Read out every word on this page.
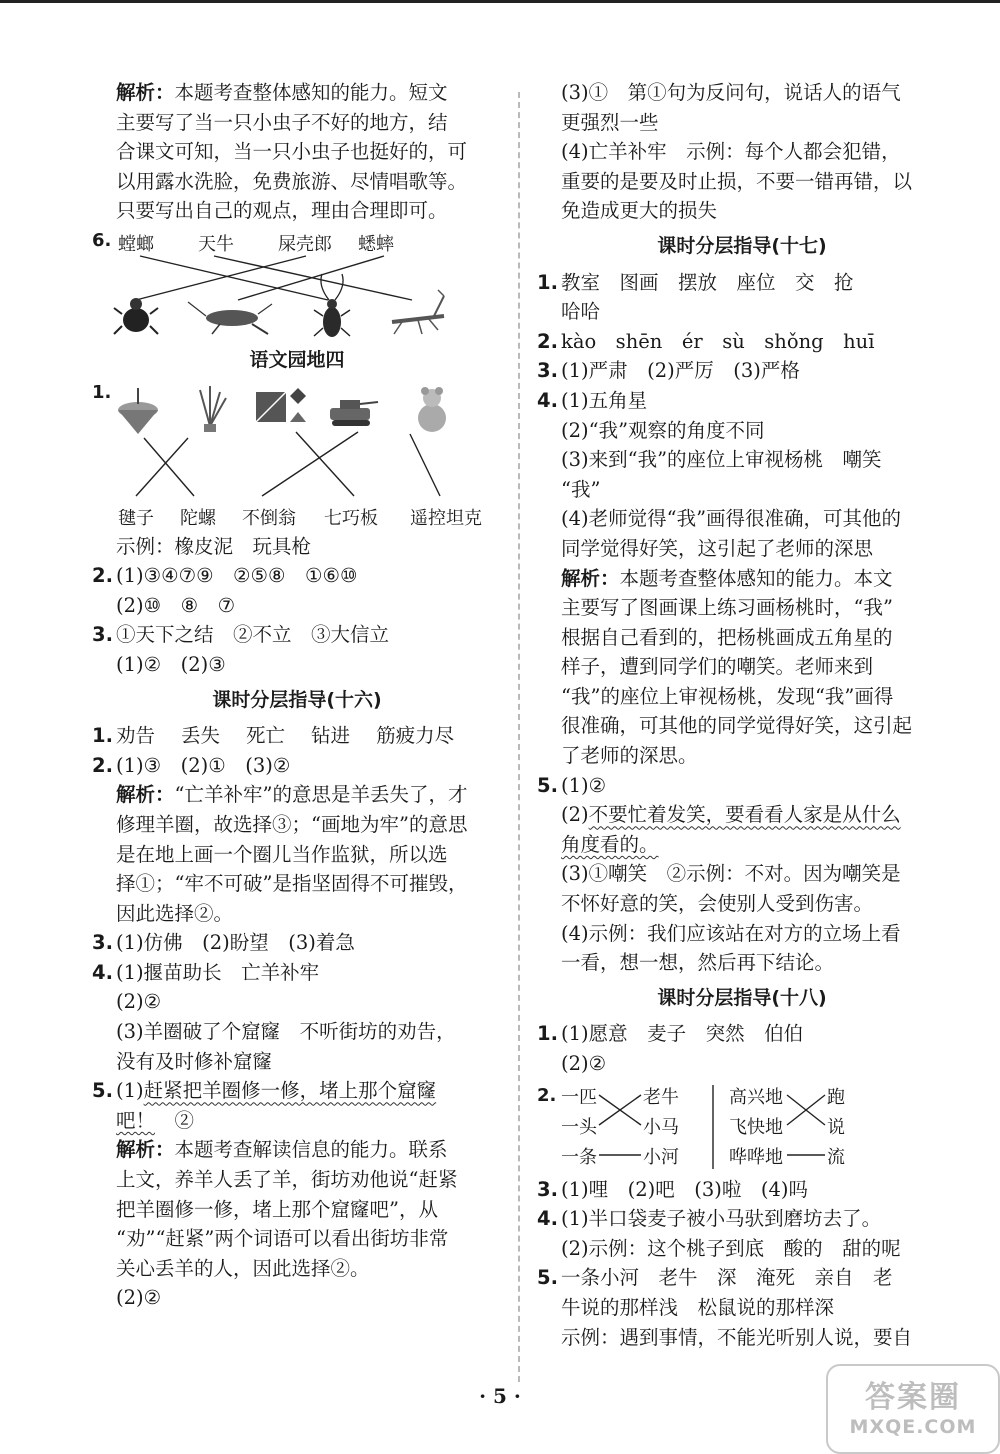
解析：本题考查整体感知的能力。短文

主要写了当一只小虫子不好的地方，结

合课文可知，当一只小虫子也挺好的，可

以用露水洗脸，免费旅游、尽情唱歌等。

只要写出自己的观点，理由合理即可。

6. 螳螂 天牛 屎壳郎 蟋蟀
语文园地四
1.
毽子 陀螺 不倒翁 七巧板 遥控坦克

示例：橡皮泥　玩具枪

2. (1)③④⑦⑨　②⑤⑧　①⑥⑩

(2)⑩　⑧　⑦

3. ①天下之结　②不立　③大信立

(1)②　(2)③

课时分层指导(十六)

1. 劝告 丢失 死亡 钻进 筋疲力尽

2. (1)③　(2)①　(3)②

解析：“亡羊补牢”的意思是羊丢失了，才

修理羊圈，故选择③；“画地为牢”的意思

是在地上画一个圈儿当作监狱，所以选

择①；“牢不可破”是指坚固得不可摧毁，

因此选择②。

3. (1)仿佛　(2)盼望　(3)着急

4. (1)揠苗助长　亡羊补牢

(2)②

(3)羊圈破了个窟窿　不听街坊的劝告，

没有及时修补窟窿

5. (1)赶紧把羊圈修一修，堵上那个窟窿

吧！　②

解析：本题考查解读信息的能力。联系

上文，养羊人丢了羊，街坊劝他说“赶紧

把羊圈修一修，堵上那个窟窿吧”，从

“劝”“赶紧”两个词语可以看出街坊非常

关心丢羊的人，因此选择②。

(2)②

(3)①　第①句为反问句，说话人的语气

更强烈一些

(4)亡羊补牢　示例：每个人都会犯错，

重要的是要及时止损，不要一错再错，以

免造成更大的损失

课时分层指导(十七)

1. 教室　图画　摆放　座位　交　抢

哈哈

2. kào　shēn　ér　sù　shǒng　huī

3. (1)严肃　(2)严厉　(3)严格

4. (1)五角星

(2)“我”观察的角度不同

(3)来到“我”的座位上审视杨桃　嘲笑

“我”

(4)老师觉得“我”画得很准确，可其他的

同学觉得好笑，这引起了老师的深思

解析：本题考查整体感知的能力。本文

主要写了图画课上练习画杨桃时，“我”

根据自己看到的，把杨桃画成五角星的

样子，遭到同学们的嘲笑。老师来到

“我”的座位上审视杨桃，发现“我”画得

很准确，可其他的同学觉得好笑，这引起

了老师的深思。

5. (1)②

(2)不要忙着发笑，要看看人家是从什么

角度看的。

(3)①嘲笑　②示例：不对。因为嘲笑是

不怀好意的笑，会使别人受到伤害。

(4)示例：我们应该站在对方的立场上看

一看，想一想，然后再下结论。

课时分层指导(十八)

1. (1)愿意　麦子　突然　伯伯

(2)②

2. 一匹
一头
一条
老牛
小马
小河
高兴地
飞快地
哗哗地
跑
说
流

3. (1)哩　(2)吧　(3)啦　(4)吗

4. (1)半口袋麦子被小马驮到磨坊去了。

(2)示例：这个桃子到底　酸的　甜的呢

5. 一条小河　老牛　深　淹死　亲自　老

牛说的那样浅　松鼠说的那样深

示例：遇到事情，不能光听别人说，要自

· 5 ·	答案圈
MXQE.COM
